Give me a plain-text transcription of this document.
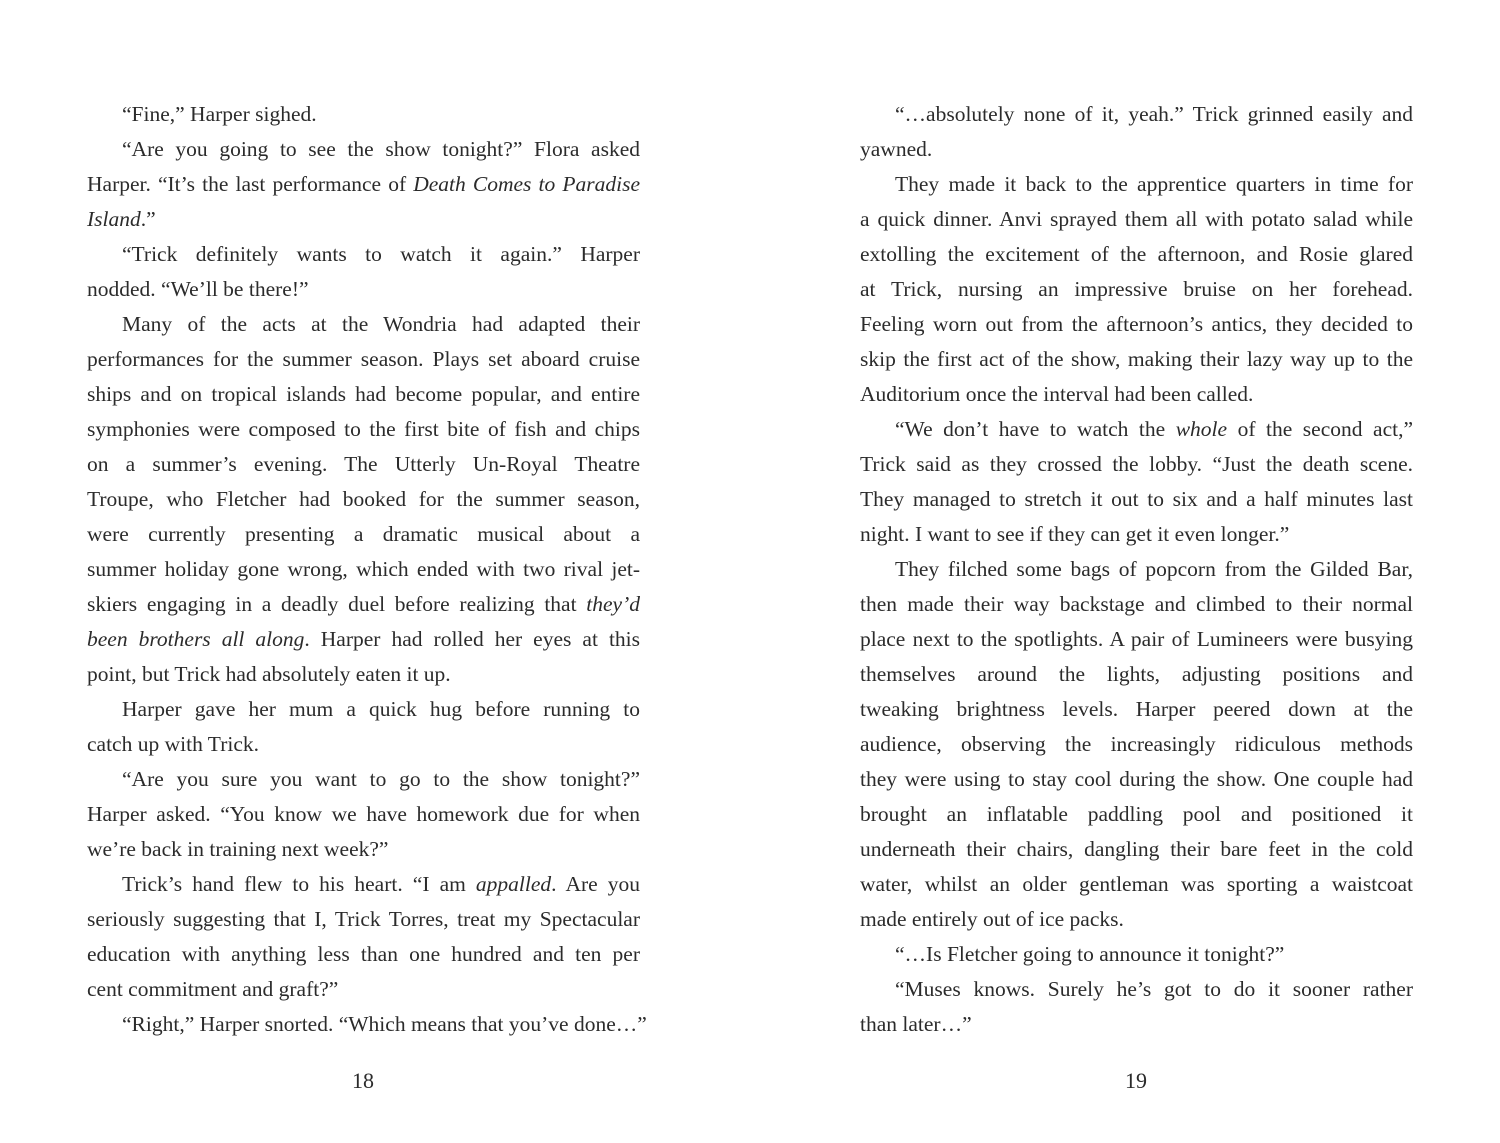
“Fine,” Harper sighed.
“Are you going to see the show tonight?” Flora asked
Harper. “It’s the last performance of Death Comes to Paradise
Island.”
“Trick definitely wants to watch it again.” Harper
nodded. “We’ll be there!”
Many of the acts at the Wondria had adapted their
performances for the summer season. Plays set aboard cruise
ships and on tropical islands had become popular, and entire
symphonies were composed to the first bite of fish and chips
on a summer’s evening. The Utterly Un-Royal Theatre
Troupe, who Fletcher had booked for the summer season,
were currently presenting a dramatic musical about a
summer holiday gone wrong, which ended with two rival jet-
skiers engaging in a deadly duel before realizing that they’d
been brothers all along. Harper had rolled her eyes at this
point, but Trick had absolutely eaten it up.
Harper gave her mum a quick hug before running to
catch up with Trick.
“Are you sure you want to go to the show tonight?”
Harper asked. “You know we have homework due for when
we’re back in training next week?”
Trick’s hand flew to his heart. “I am appalled. Are you
seriously suggesting that I, Trick Torres, treat my Spectacular
education with anything less than one hundred and ten per
cent commitment and graft?”
“Right,” Harper snorted. “Which means that you’ve done…”
“…absolutely none of it, yeah.” Trick grinned easily and
yawned.
They made it back to the apprentice quarters in time for
a quick dinner. Anvi sprayed them all with potato salad while
extolling the excitement of the afternoon, and Rosie glared
at Trick, nursing an impressive bruise on her forehead.
Feeling worn out from the afternoon’s antics, they decided to
skip the first act of the show, making their lazy way up to the
Auditorium once the interval had been called.
“We don’t have to watch the whole of the second act,”
Trick said as they crossed the lobby. “Just the death scene.
They managed to stretch it out to six and a half minutes last
night. I want to see if they can get it even longer.”
They filched some bags of popcorn from the Gilded Bar,
then made their way backstage and climbed to their normal
place next to the spotlights. A pair of Lumineers were busying
themselves around the lights, adjusting positions and
tweaking brightness levels. Harper peered down at the
audience, observing the increasingly ridiculous methods
they were using to stay cool during the show. One couple had
brought an inflatable paddling pool and positioned it
underneath their chairs, dangling their bare feet in the cold
water, whilst an older gentleman was sporting a waistcoat
made entirely out of ice packs.
“…Is Fletcher going to announce it tonight?”
“Muses knows. Surely he’s got to do it sooner rather
than later…”
18	19
